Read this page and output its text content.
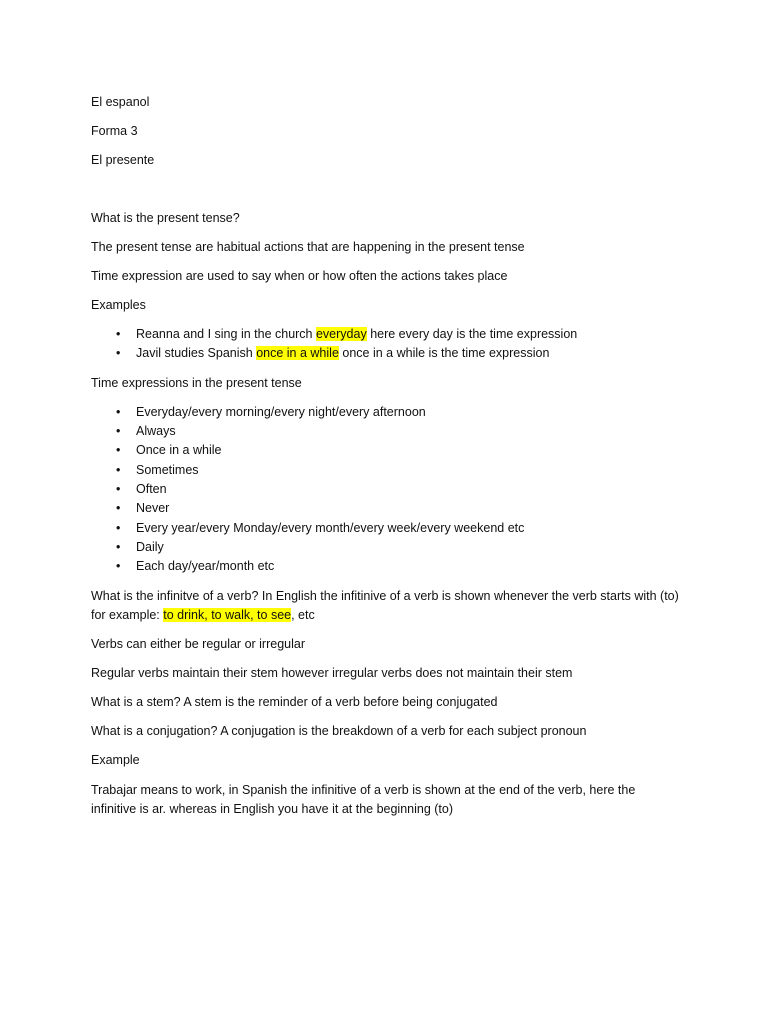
El espanol
Forma 3
El presente
What is the present tense?
The present tense are habitual actions that are happening in the present tense
Time expression are used to say when or how often the actions takes place
Examples
• Reanna and I sing in the church everyday here every day is the time expression
• Javil studies Spanish once in a while once in a while is the time expression
Time expressions in the present tense
• Everyday/every morning/every night/every afternoon
• Always
• Once in a while
• Sometimes
• Often
• Never
• Every year/every Monday/every month/every week/every weekend etc
• Daily
• Each day/year/month etc
What is the infinitve of a verb? In English the infitinive of a verb is shown whenever the verb starts with (to) for example: to drink, to walk, to see, etc
Verbs can either be regular or irregular
Regular verbs maintain their stem however irregular verbs does not maintain their stem
What is a stem? A stem is the reminder of a verb before being conjugated
What is a conjugation? A conjugation is the breakdown of a verb for each subject pronoun
Example
Trabajar means to work, in Spanish the infinitive of a verb is shown at the end of the verb, here the infinitive is ar. whereas in English you have it at the beginning (to)
